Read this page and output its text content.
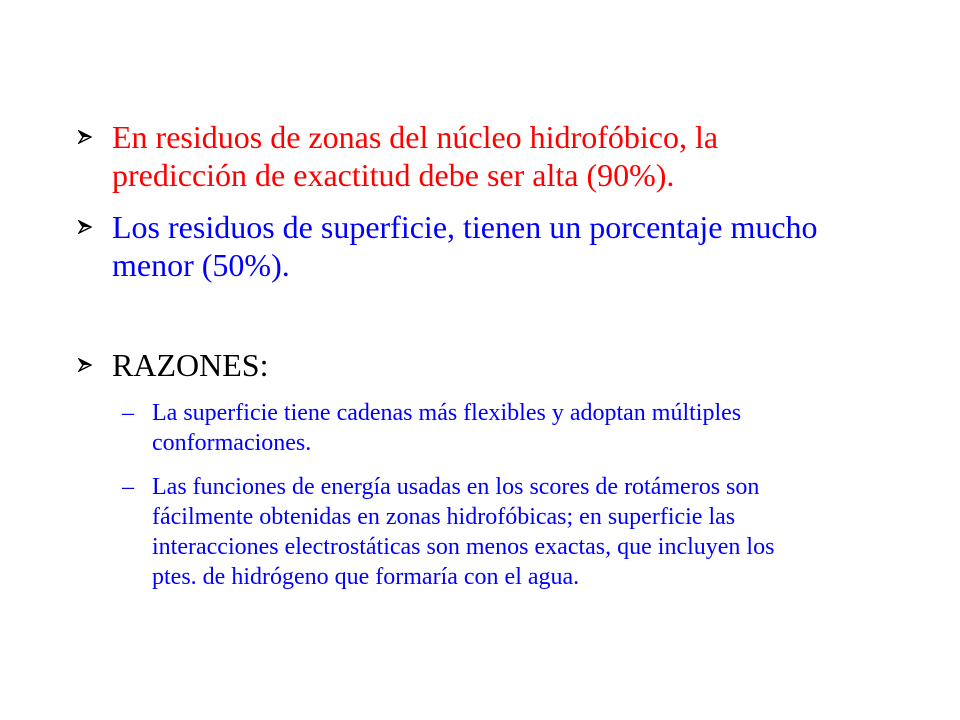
En residuos de zonas del núcleo hidrofóbico, la predicción de exactitud debe ser alta (90%).
Los residuos de superficie, tienen un porcentaje mucho menor (50%).
RAZONES:
– La superficie tiene cadenas más flexibles y adoptan múltiples conformaciones.
– Las funciones de energía usadas en los scores de rotámeros son fácilmente obtenidas en zonas hidrofóbicas; en superficie las interacciones electrostáticas son menos exactas, que incluyen los ptes. de hidrógeno que formaría con el agua.
